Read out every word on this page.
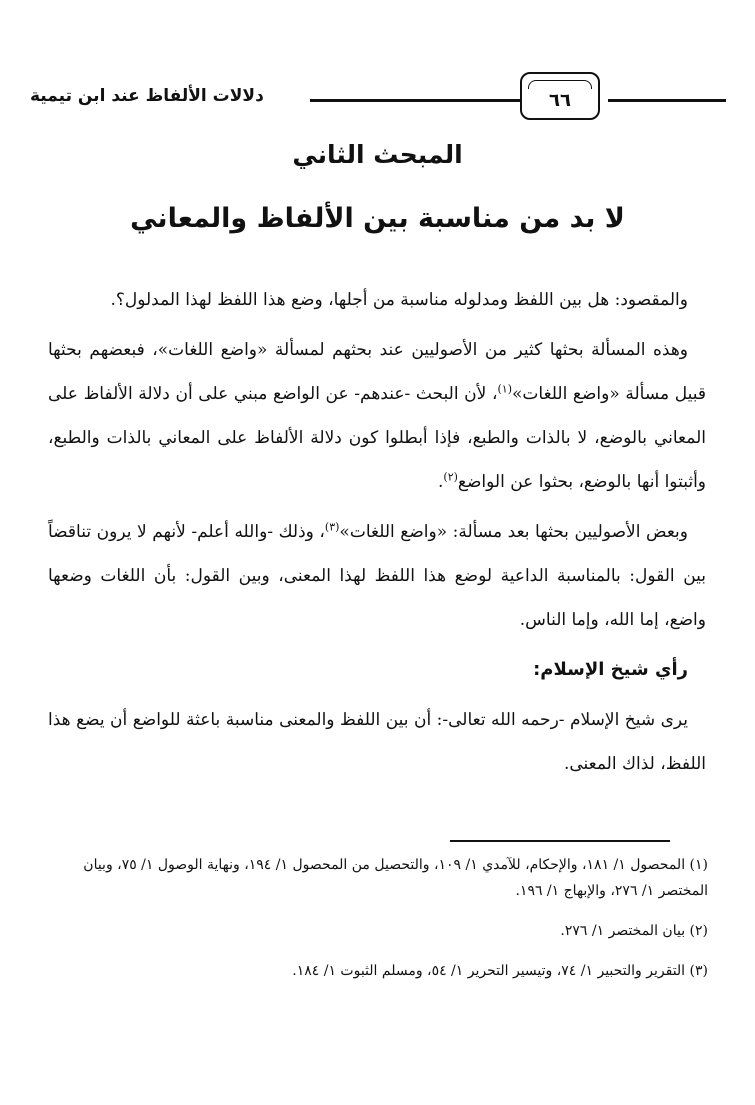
دلالات الألفاظ عند ابن تيمية	٦٦
المبحث الثاني
لا بد من مناسبة بين الألفاظ والمعاني

والمقصود: هل بين اللفظ ومدلوله مناسبة من أجلها، وضع هذا اللفظ لهذا المدلول؟.

وهذه المسألة بحثها كثير من الأصوليين عند بحثهم لمسألة «واضع اللغات»، فبعضهم بحثها قبيل مسألة «واضع اللغات»$^{(١)}$، لأن البحث -عندهم- عن الواضع مبني على أن دلالة الألفاظ على المعاني بالوضع، لا بالذات والطبع، فإذا أبطلوا كون دلالة الألفاظ على المعاني بالذات والطبع، وأثبتوا أنها بالوضع، بحثوا عن الواضع$^{(٢)}$.

وبعض الأصوليين بحثها بعد مسألة: «واضع اللغات»$^{(٣)}$، وذلك -والله أعلم- لأنهم لا يرون تناقضاً بين القول: بالمناسبة الداعية لوضع هذا اللفظ لهذا المعنى، وبين القول: بأن اللغات وضعها واضع، إما الله، وإما الناس.

رأي شيخ الإسلام:

يرى شيخ الإسلام -رحمه الله تعالى-: أن بين اللفظ والمعنى مناسبة باعثة للواضع أن يضع هذا اللفظ، لذاك المعنى.

(١) المحصول ١/ ١٨١، والإحكام، للآمدي ١/ ١٠٩، والتحصيل من المحصول ١/ ١٩٤، ونهاية الوصول ١/ ٧٥، وبيان المختصر ١/ ٢٧٦، والإبهاج ١/ ١٩٦.

(٢) بيان المختصر ١/ ٢٧٦.

(٣) التقرير والتحبير ١/ ٧٤، وتيسير التحرير ١/ ٥٤، ومسلم الثبوت ١/ ١٨٤.
